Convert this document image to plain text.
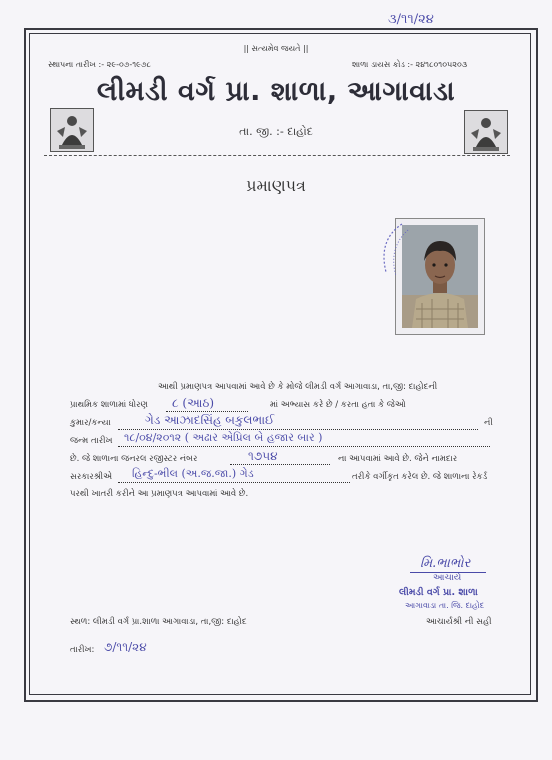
૩/૧૧/૨૪
|| સત્યમેવ જયતે ||
સ્થાપના તારીખ :- ૨૯-૦૭-૧૯૭૮	શાળા ડાયસ કોડ :- ૨૪૧૮૦૧૦૫૨૦૩
લીમડી વર્ગ પ્રા. શાળા, આગાવાડા
તા. જી. :- દાહોદ
પ્રમાણપત્ર
આથી પ્રમાણપત્ર આપવામાં આવે છે કે મોજે લીમડી વર્ગ આગાવાડા, તા,જી: દાહોદની
પ્રાથમિક શાળામાં ધોરણ ૮ (આઠ)	માં અભ્યાસ કરે છે / કરતા હતા કે જેઓ
કુમાર/કન્યા	ગેડ આઝાદસિંહ બકુલભાઈ	ની
જન્મ તારીખ ૧૮/૦૪/૨૦૧૨ ( અઢાર એપ્રિલ બે હજાર બાર )
છે. જે શાળાના જનરલ રજીસ્ટર નંબર	૧૭૫૪	ના આપવામાં આવે છે. જેને નામદાર
સરકારશ્રીએ હિન્દુ-ભીલ (અ.જ.જા.) ગેડ	તરીકે વર્ગીકૃત કરેલ છે. જે શાળાના રેકર્ડ
પરથી ખાતરી કરીને આ પ્રમાણપત્ર આપવામાં આવે છે.
મિ.ભાભોર
આચાર્ય
લીમડી વર્ગ પ્રા. શાળા
આગાવાડા તા. જિ. દાહોદ
આચાર્યશ્રી ની સહી
સ્થળ: લીમડી વર્ગ પ્રા.શાળા આગાવાડા, તા,જી: દાહોદ
તારીખ: ૭/૧૧/૨૪
